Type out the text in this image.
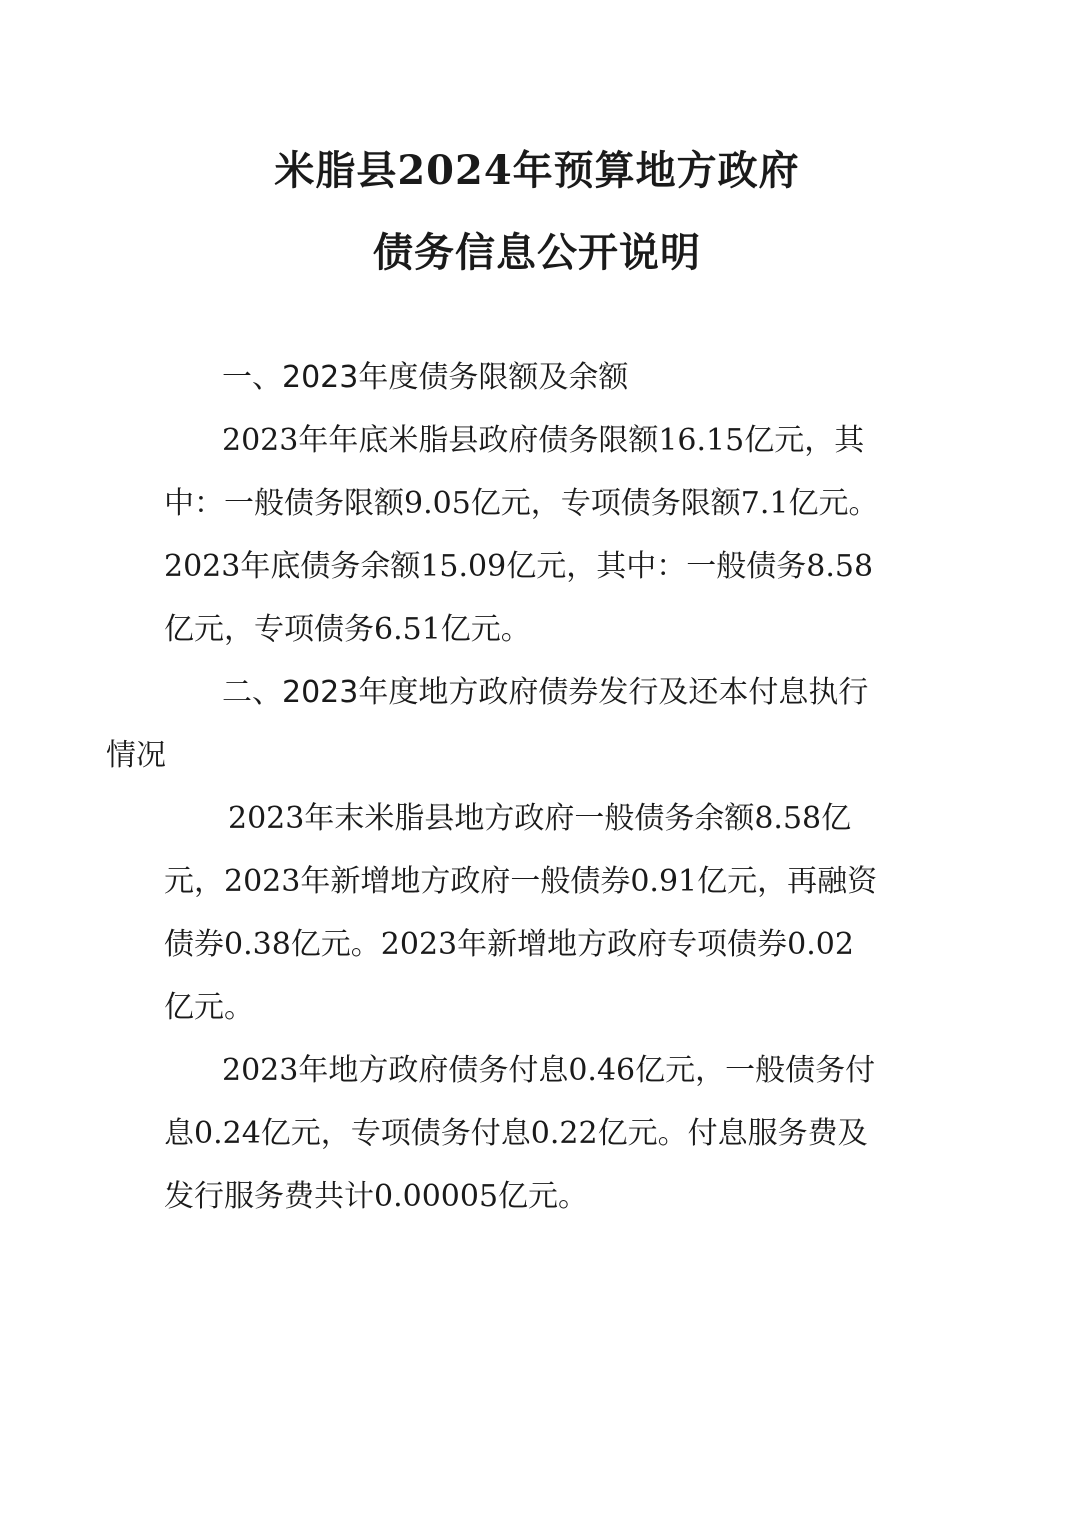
米脂县2024年预算地方政府
债务信息公开说明
一、2023年度债务限额及余额
2023年年底米脂县政府债务限额16.15亿元，其
中：一般债务限额9.05亿元，专项债务限额7.1亿元。
2023年底债务余额15.09亿元，其中：一般债务8.58
亿元，专项债务6.51亿元。
二、2023年度地方政府债券发行及还本付息执行
情况
2023年末米脂县地方政府一般债务余额8.58亿
元，2023年新增地方政府一般债券0.91亿元，再融资
债券0.38亿元。2023年新增地方政府专项债券0.02
亿元。
2023年地方政府债务付息0.46亿元，一般债务付
息0.24亿元，专项债务付息0.22亿元。付息服务费及
发行服务费共计0.00005亿元。
